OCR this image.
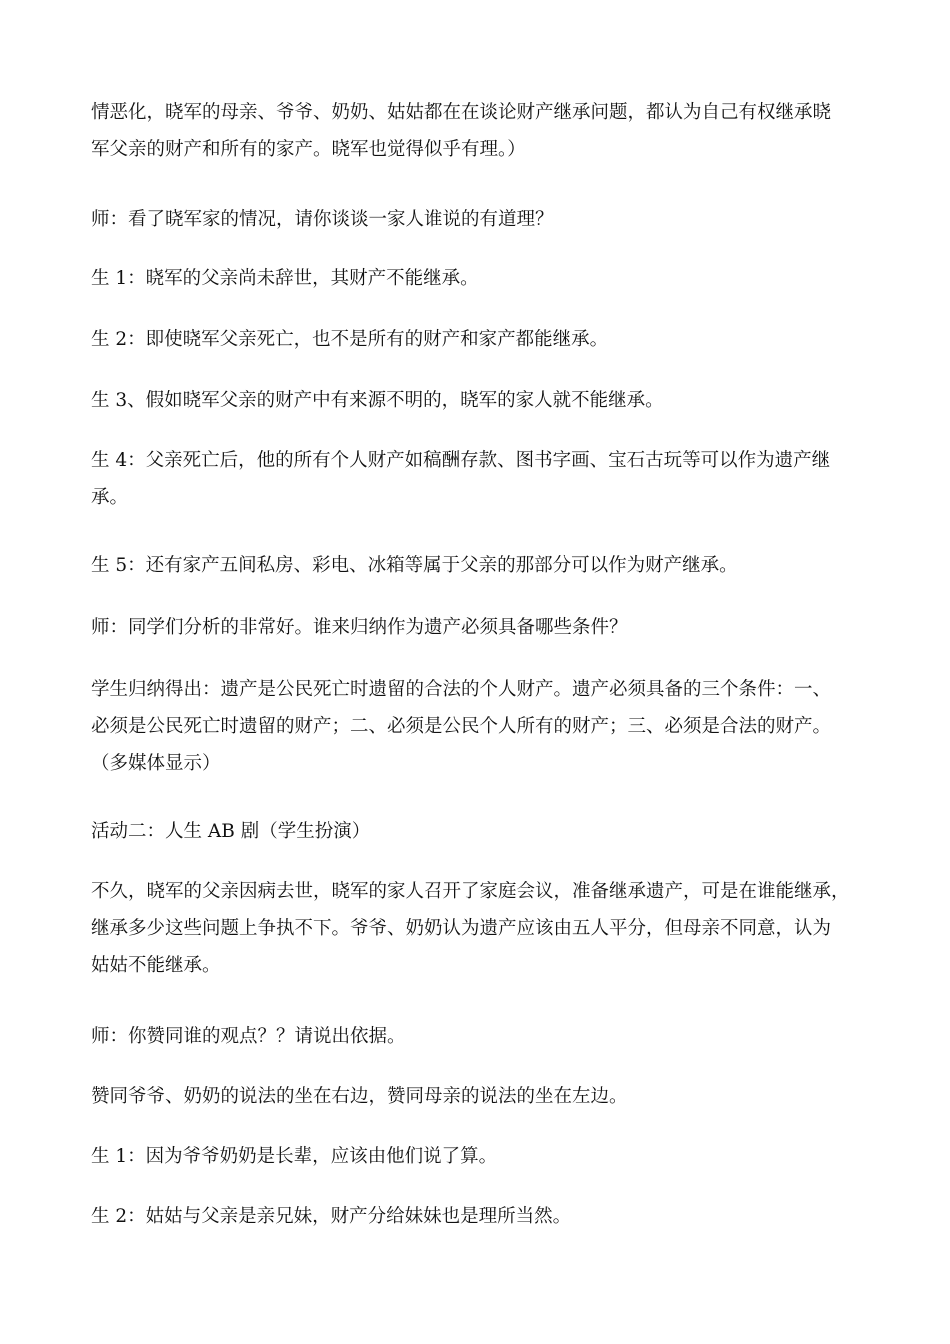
情恶化，晓军的母亲、爷爷、奶奶、姑姑都在在谈论财产继承问题，都认为自己有权继承晓
军父亲的财产和所有的家产。晓军也觉得似乎有理。）

师：看了晓军家的情况，请你谈谈一家人谁说的有道理？

生 1：晓军的父亲尚未辞世，其财产不能继承。

生 2：即使晓军父亲死亡，也不是所有的财产和家产都能继承。

生 3、假如晓军父亲的财产中有来源不明的，晓军的家人就不能继承。

生 4：父亲死亡后，他的所有个人财产如稿酬存款、图书字画、宝石古玩等可以作为遗产继
承。

生 5：还有家产五间私房、彩电、冰箱等属于父亲的那部分可以作为财产继承。

师：同学们分析的非常好。谁来归纳作为遗产必须具备哪些条件？

学生归纳得出：遗产是公民死亡时遗留的合法的个人财产。遗产必须具备的三个条件：一、
必须是公民死亡时遗留的财产；二、必须是公民个人所有的财产；三、必须是合法的财产。
（多媒体显示）

活动二：人生 AB 剧（学生扮演）

不久，晓军的父亲因病去世，晓军的家人召开了家庭会议，准备继承遗产，可是在谁能继承，
继承多少这些问题上争执不下。爷爷、奶奶认为遗产应该由五人平分，但母亲不同意，认为
姑姑不能继承。

师：你赞同谁的观点？？请说出依据。

赞同爷爷、奶奶的说法的坐在右边，赞同母亲的说法的坐在左边。

生 1：因为爷爷奶奶是长辈，应该由他们说了算。

生 2：姑姑与父亲是亲兄妹，财产分给妹妹也是理所当然。
